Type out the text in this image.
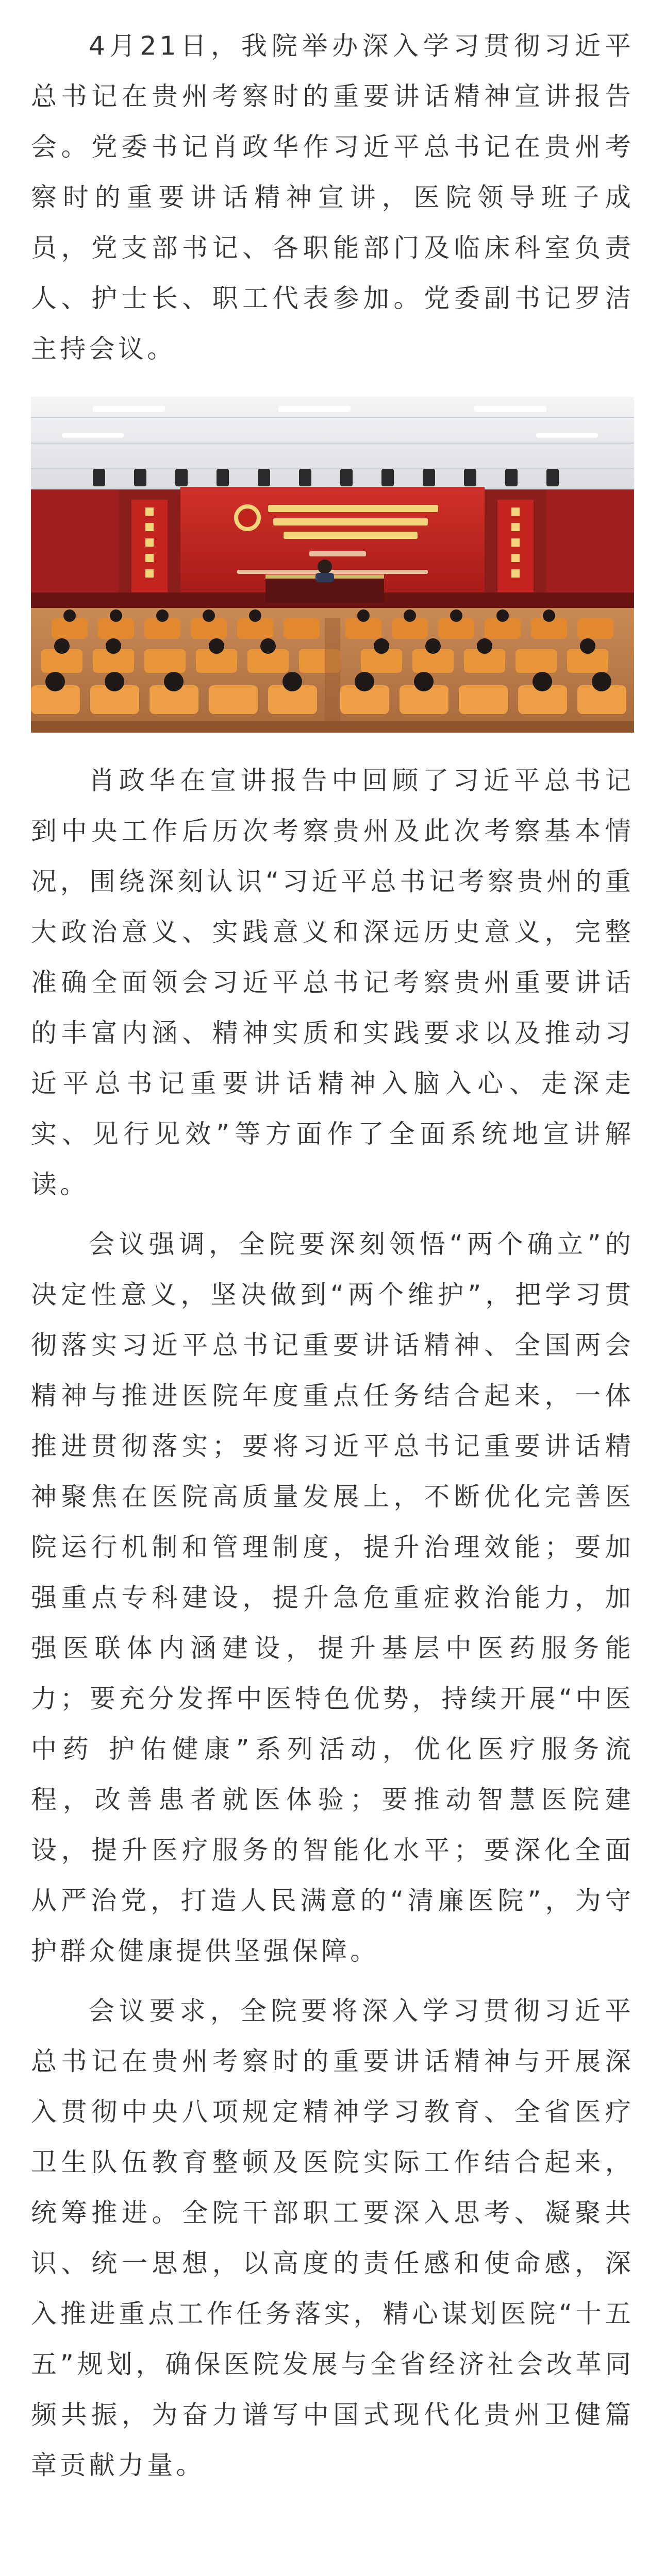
4月21日，我院举办深入学习贯彻习近平总书记在贵州考察时的重要讲话精神宣讲报告会。党委书记肖政华作习近平总书记在贵州考察时的重要讲话精神宣讲，医院领导班子成员，党支部书记、各职能部门及临床科室负责人、护士长、职工代表参加。党委副书记罗洁主持会议。

肖政华在宣讲报告中回顾了习近平总书记到中央工作后历次考察贵州及此次考察基本情况，围绕深刻认识“习近平总书记考察贵州的重大政治意义、实践意义和深远历史意义，完整准确全面领会习近平总书记考察贵州重要讲话的丰富内涵、精神实质和实践要求以及推动习近平总书记重要讲话精神入脑入心、走深走实、见行见效”等方面作了全面系统地宣讲解读。

会议强调，全院要深刻领悟“两个确立”的决定性意义，坚决做到“两个维护”，把学习贯彻落实习近平总书记重要讲话精神、全国两会精神与推进医院年度重点任务结合起来，一体推进贯彻落实；要将习近平总书记重要讲话精神聚焦在医院高质量发展上，不断优化完善医院运行机制和管理制度，提升治理效能；要加强重点专科建设，提升急危重症救治能力，加强医联体内涵建设，提升基层中医药服务能力；要充分发挥中医特色优势，持续开展“中医中药 护佑健康”系列活动，优化医疗服务流程，改善患者就医体验；要推动智慧医院建设，提升医疗服务的智能化水平；要深化全面从严治党，打造人民满意的“清廉医院”，为守护群众健康提供坚强保障。

会议要求，全院要将深入学习贯彻习近平总书记在贵州考察时的重要讲话精神与开展深入贯彻中央八项规定精神学习教育、全省医疗卫生队伍教育整顿及医院实际工作结合起来，统筹推进。全院干部职工要深入思考、凝聚共识、统一思想，以高度的责任感和使命感，深入推进重点工作任务落实，精心谋划医院“十五五”规划，确保医院发展与全省经济社会改革同频共振，为奋力谱写中国式现代化贵州卫健篇章贡献力量。
